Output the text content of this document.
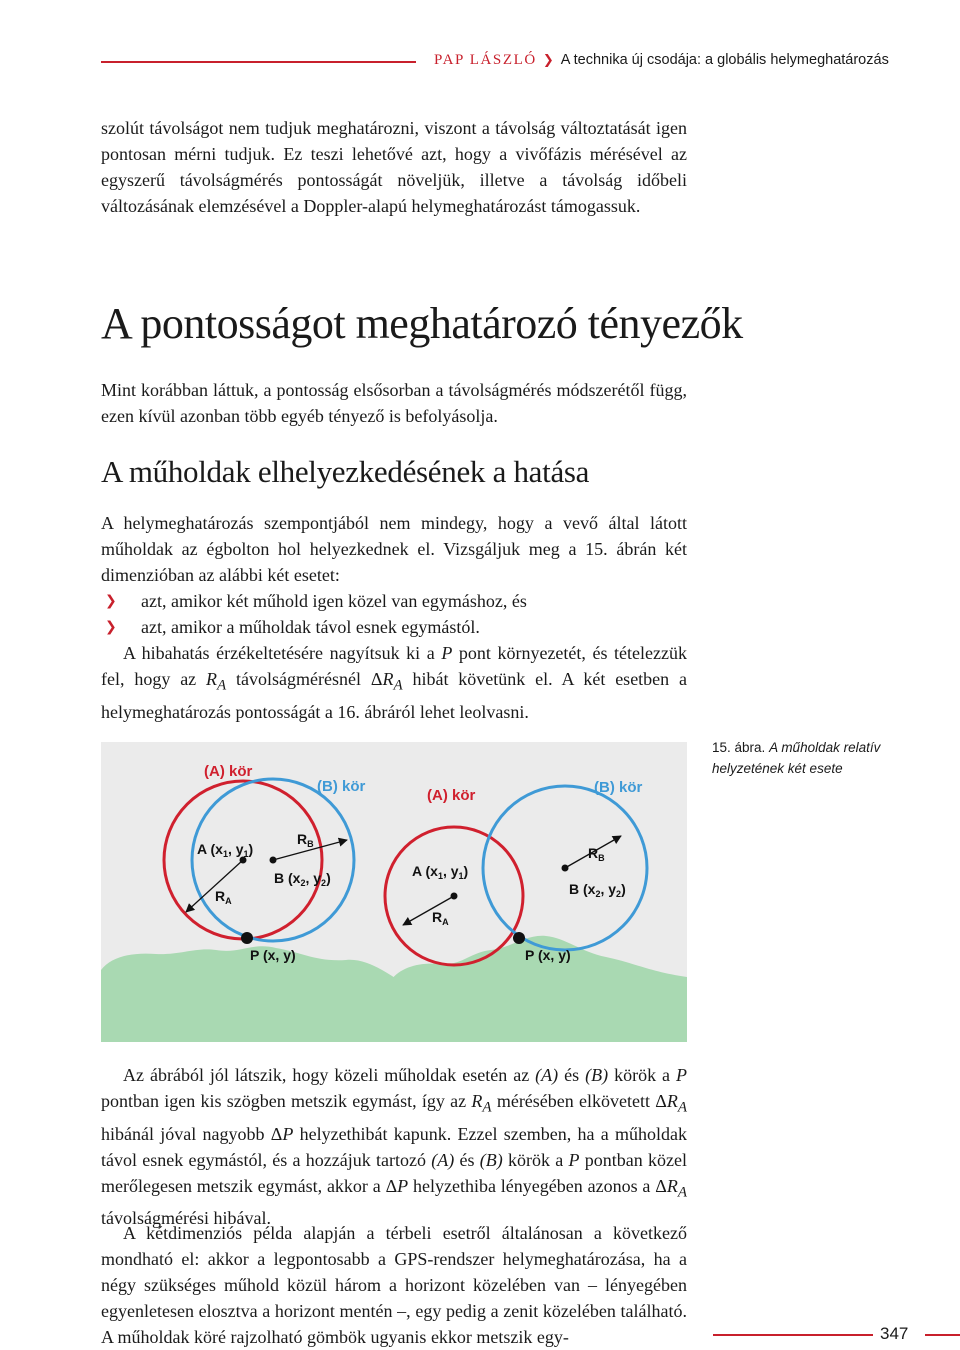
PAP LÁSZLÓ ❯ A technika új csodája: a globális helymeghatározás

szolút távolságot nem tudjuk meghatározni, viszont a távolság változtatását igen pontosan mérni tudjuk. Ez teszi lehetővé azt, hogy a vivőfázis mérésével az egyszerű távolságmérés pontosságát növeljük, illetve a távolság időbeli változásának elemzésével a Doppler-alapú helymeghatározást támogassuk.

A pontosságot meghatározó tényezők

Mint korábban láttuk, a pontosság elsősorban a távolságmérés módszerétől függ, ezen kívül azonban több egyéb tényező is befolyásolja.

A műholdak elhelyezkedésének a hatása

A helymeghatározás szempontjából nem mindegy, hogy a vevő által látott műholdak az égbolton hol helyezkednek el. Vizsgáljuk meg a 15. ábrán két dimenzióban az alábbi két esetet:

❯ azt, amikor két műhold igen közel van egymáshoz, és
❯ azt, amikor a műholdak távol esnek egymástól.

A hibahatás érzékeltetésére nagyítsuk ki a P pont környezetét, és tételezzük fel, hogy az $R_A$ távolságmérésnél $\Delta R_A$ hibát követünk el. A két esetben a helymeghatározás pontosságát a 16. ábráról lehet leolvasni.

(A) kör
(B) kör
A ($x_1$, $y_1$)
B ($x_2$, $y_2$)
$R_A$
$R_B$
P (x, y)
(A) kör	(B) kör
A ($x_1$, $y_1$)
B ($x_2$, $y_2$)
$R_A$
$R_B$
P (x, y)

15. ábra. A műholdak relatív helyzetének két esete

Az ábrából jól látszik, hogy közeli műholdak esetén az (A) és (B) körök a P pontban igen kis szögben metszik egymást, így az $R_A$ mérésében elkövetett $\Delta R_A$ hibánál jóval nagyobb ΔP helyzethibát kapunk. Ezzel szemben, ha a műholdak távol esnek egymástól, és a hozzájuk tartozó (A) és (B) körök a P pontban közel merőlegesen metszik egymást, akkor a ΔP helyzethiba lényegében azonos a $\Delta R_A$ távolságmérési hibával.

A kétdimenziós példa alapján a térbeli esetről általánosan a következő mondható el: akkor a legpontosabb a GPS-rendszer helymeghatározása, ha a négy szükséges műhold közül három a horizont közelében van – lényegében egyenletesen elosztva a horizont mentén –, egy pedig a zenit közelében található. A műholdak köré rajzolható gömbök ugyanis ekkor metszik egy-	347
